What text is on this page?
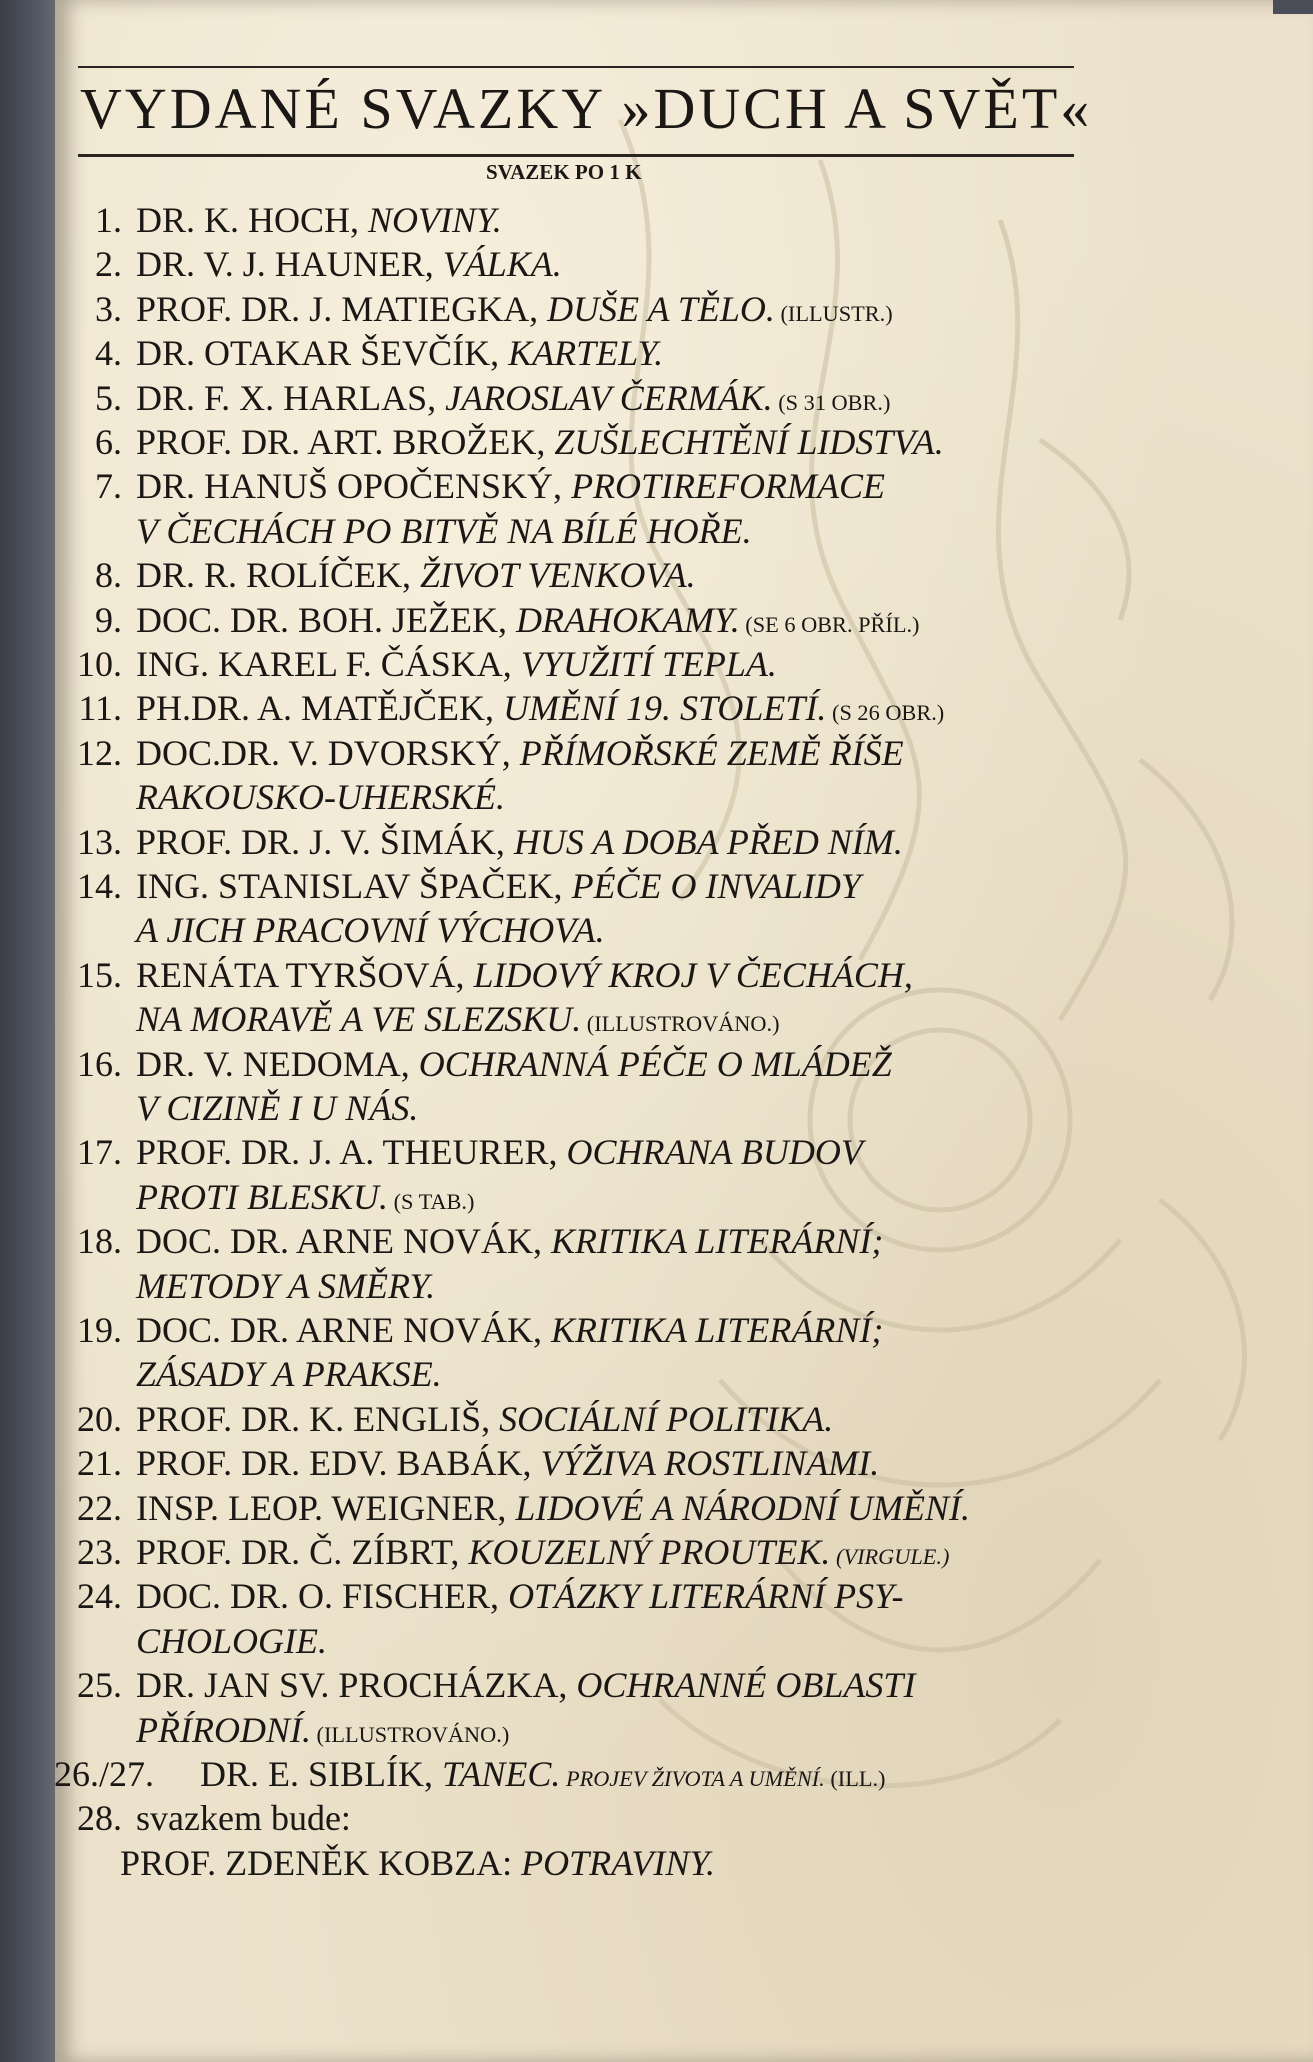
VYDANÉ SVAZKY »DUCH A SVĚT«
SVAZEK PO 1 K
1. DR. K. HOCH, NOVINY.
2. DR. V. J. HAUNER, VÁLKA.
3. PROF. DR. J. MATIEGKA, DUŠE A TĚLO. (ILLUSTR.)
4. DR. OTAKAR ŠEVČÍK, KARTELY.
5. DR. F. X. HARLAS, JAROSLAV ČERMÁK. (S 31 OBR.)
6. PROF. DR. ART. BROŽEK, ZUŠLECHTĚNÍ LIDSTVA.
7. DR. HANUŠ OPOČENSKÝ, PROTIREFORMACE
V ČECHÁCH PO BITVĚ NA BÍLÉ HOŘE.
8. DR. R. ROLÍČEK, ŽIVOT VENKOVA.
9. DOC. DR. BOH. JEŽEK, DRAHOKAMY. (SE 6 OBR. PŘÍL.)
10. ING. KAREL F. ČÁSKA, VYUŽITÍ TEPLA.
11. PH.DR. A. MATĚJČEK, UMĚNÍ 19. STOLETÍ. (S 26 OBR.)
12. DOC.DR. V. DVORSKÝ, PŘÍMOŘSKÉ ZEMĚ ŘÍŠE
RAKOUSKO-UHERSKÉ.
13. PROF. DR. J. V. ŠIMÁK, HUS A DOBA PŘED NÍM.
14. ING. STANISLAV ŠPAČEK, PÉČE O INVALIDY
A JICH PRACOVNÍ VÝCHOVA.
15. RENÁTA TYRŠOVÁ, LIDOVÝ KROJ V ČECHÁCH,
NA MORAVĚ A VE SLEZSKU. (ILLUSTROVÁNO.)
16. DR. V. NEDOMA, OCHRANNÁ PÉČE O MLÁDEŽ
V CIZINĚ I U NÁS.
17. PROF. DR. J. A. THEURER, OCHRANA BUDOV
PROTI BLESKU. (S TAB.)
18. DOC. DR. ARNE NOVÁK, KRITIKA LITERÁRNÍ;
METODY A SMĚRY.
19. DOC. DR. ARNE NOVÁK, KRITIKA LITERÁRNÍ;
ZÁSADY A PRAKSE.
20. PROF. DR. K. ENGLIŠ, SOCIÁLNÍ POLITIKA.
21. PROF. DR. EDV. BABÁK, VÝŽIVA ROSTLINAMI.
22. INSP. LEOP. WEIGNER, LIDOVÉ A NÁRODNÍ UMĚNÍ.
23. PROF. DR. Č. ZÍBRT, KOUZELNÝ PROUTEK. (VIRGULE.)
24. DOC. DR. O. FISCHER, OTÁZKY LITERÁRNÍ PSY-
CHOLOGIE.
25. DR. JAN SV. PROCHÁZKA, OCHRANNÉ OBLASTI
PŘÍRODNÍ. (ILLUSTROVÁNO.)
26./27. DR. E. SIBLÍK, TANEC. PROJEV ŽIVOTA A UMĚNÍ. (ILL.)
28. svazkem bude:
PROF. ZDENĚK KOBZA: POTRAVINY.
